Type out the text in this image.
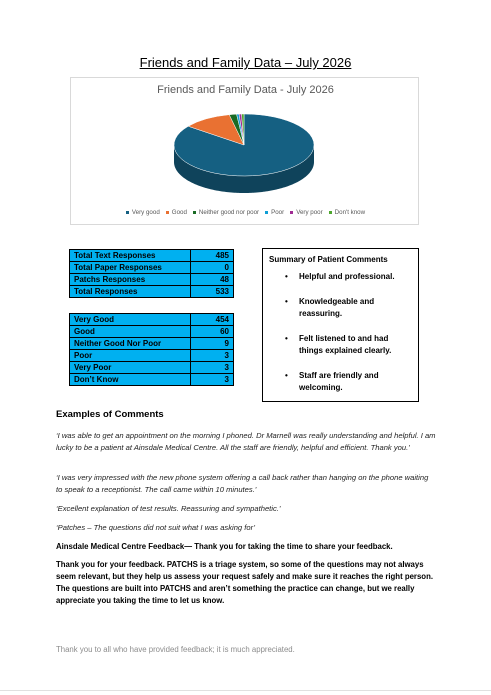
Friends and Family Data – July 2026
Friends and Family Data - July 2026
Very good Good Neither good nor poor Poor Very poor Don't know
Total Text Responses	485
Total Paper Responses	0
Patchs Responses	48
Total Responses	533
Very Good	454
Good	60
Neither Good Nor Poor	9
Poor	3
Very Poor	3
Don’t Know	3
Summary of Patient Comments
• Helpful and professional.
• Knowledgeable and reassuring.
• Felt listened to and had things explained clearly.
• Staff are friendly and welcoming.
Examples of Comments
‘I was able to get an appointment on the morning I phoned. Dr Marnell was really understanding and helpful. I am lucky to be a patient at Ainsdale Medical Centre. All the staff are friendly, helpful and efficient. Thank you.’
‘I was very impressed with the new phone system offering a call back rather than hanging on the phone waiting to speak to a receptionist. The call came within 10 minutes.’
‘Excellent explanation of test results. Reassuring and sympathetic.’
‘Patches – The questions did not suit what I was asking for’
Ainsdale Medical Centre Feedback— Thank you for taking the time to share your feedback.
Thank you for your feedback. PATCHS is a triage system, so some of the questions may not always seem relevant, but they help us assess your request safely and make sure it reaches the right person. The questions are built into PATCHS and aren’t something the practice can change, but we really appreciate you taking the time to let us know.
Thank you to all who have provided feedback; it is much appreciated.
